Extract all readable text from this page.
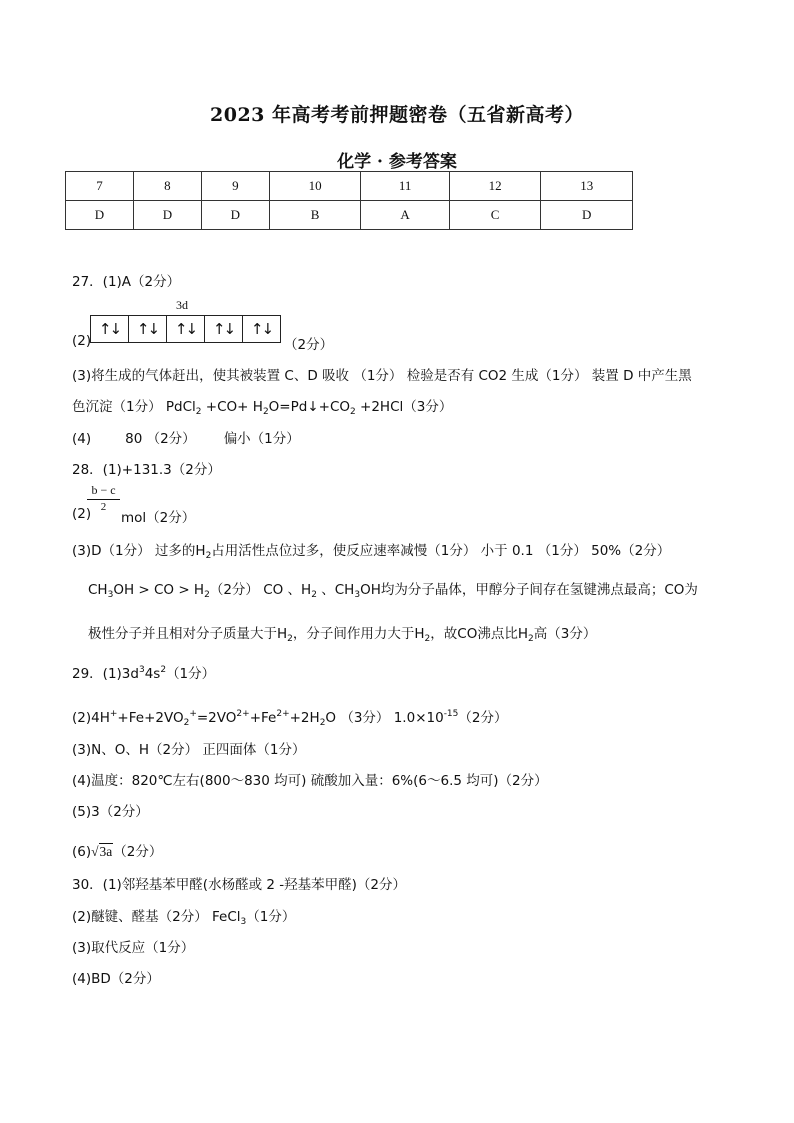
2023 年高考考前押题密卷（五省新高考）
化学 · 参考答案
7	8	9	10	11	12	13
D	D	D	B	A	C	D
27．(1)A（2分）
3d
↑↓	↑↓	↑↓	↑↓	↑↓
(2)	（2分）
(3)将生成的气体赶出，使其被装置 C、D 吸收 （1分） 检验是否有 CO2 生成（1分） 装置 D 中产生黑
色沉淀（1分） PdCl$_2$ $+CO+ H_2O=Pd↓+CO_2 +2HCl(3$分）
(4)	80 （2分） 偏小（1分）
28．(1)+131.3（2分）
$\frac{b - c}{2}$
(2) mol（2分）
(3)D（1分） 过多的$H_2$占用活性点位过多，使反应速率减慢（1分） 小于 0.1 （1分） 50%（2分）
$CH_3OH$ > CO > $H_2(2$分） CO 、$H_2$ 、$CH_3OH$均为分子晶体，甲醇分子间存在氢键沸点最高；CO为
极性分子并且相对分子质量大于$H_2$，分子间作用力大于$H_2$，故CO沸点比$H_2$高（3分）
29．$(1)3d^34s^2(1$分）
$(2)4H^++Fe+2VO_2^+=2VO^{2+}+Fe^{2+}+2H_2O$ （3分） $1.0\times 10^{-15}(2$分）
(3)N、O、H（2分） 正四面体（1分）
(4)温度：820℃左右(800～830 均可) 硫酸加入量：6%(6～6.5 均可)（2分）
(5)3（2分）
(6)√3a（2分）
30．(1)邻羟基苯甲醛(水杨醛或 2 -羟基苯甲醛)（2分）
(2)醚键、醛基（2分） FeCl$_3$（1分）
(3)取代反应（1分）
(4)BD（2分）
